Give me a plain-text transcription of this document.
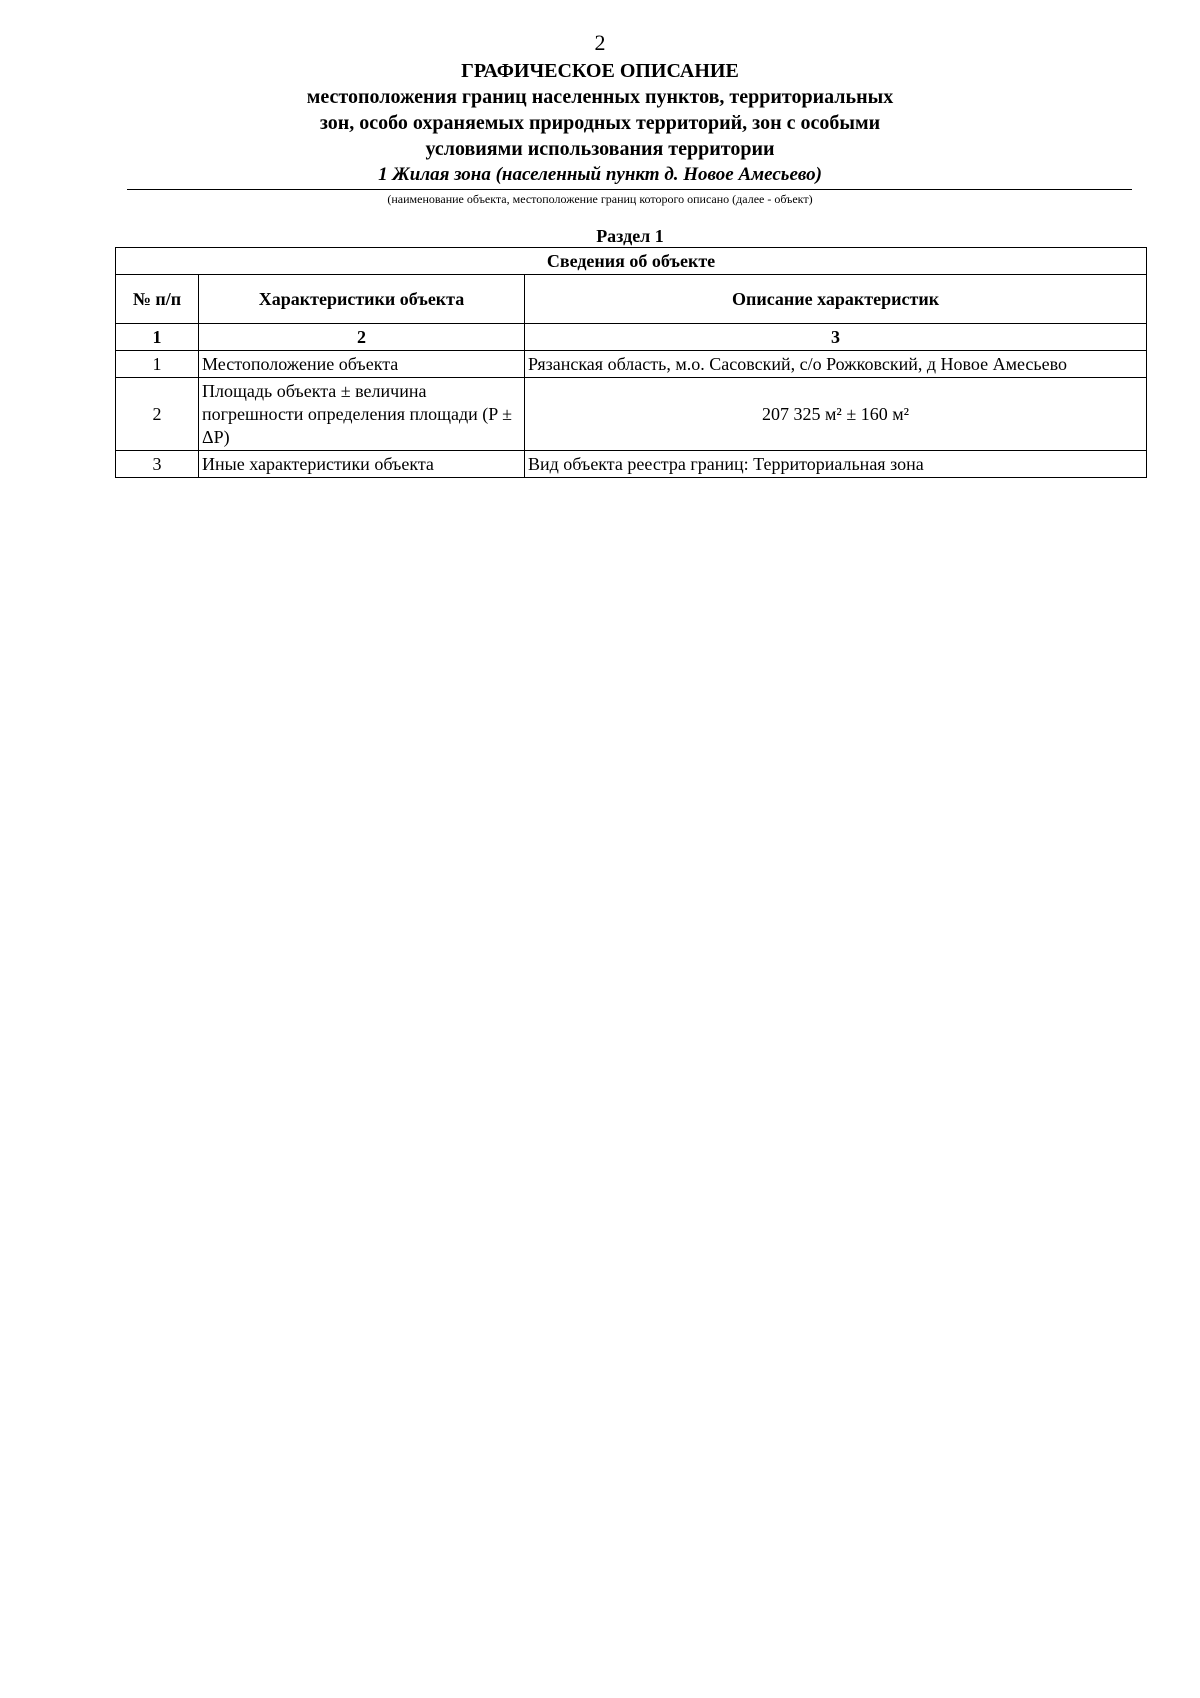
2
ГРАФИЧЕСКОЕ ОПИСАНИЕ
местоположения границ населенных пунктов, территориальных
зон, особо охраняемых природных территорий, зон с особыми
условиями использования территории
1 Жилая зона (населенный пункт д. Новое Амесьево)
(наименование объекта, местоположение границ которого описано (далее - объект)
Раздел 1
Сведения об объекте		
№ п/п	Характеристики объекта	Описание характеристик
1	2	3
1	Местоположение объекта	Рязанская область, м.о. Сасовский, с/о Рожковский, д Новое Амесьево
2	Площадь объекта ± величина погрешности определения площади (P ± ΔP)	207 325 м² ± 160 м²
3	Иные характеристики объекта	Вид объекта реестра границ: Территориальная зона
